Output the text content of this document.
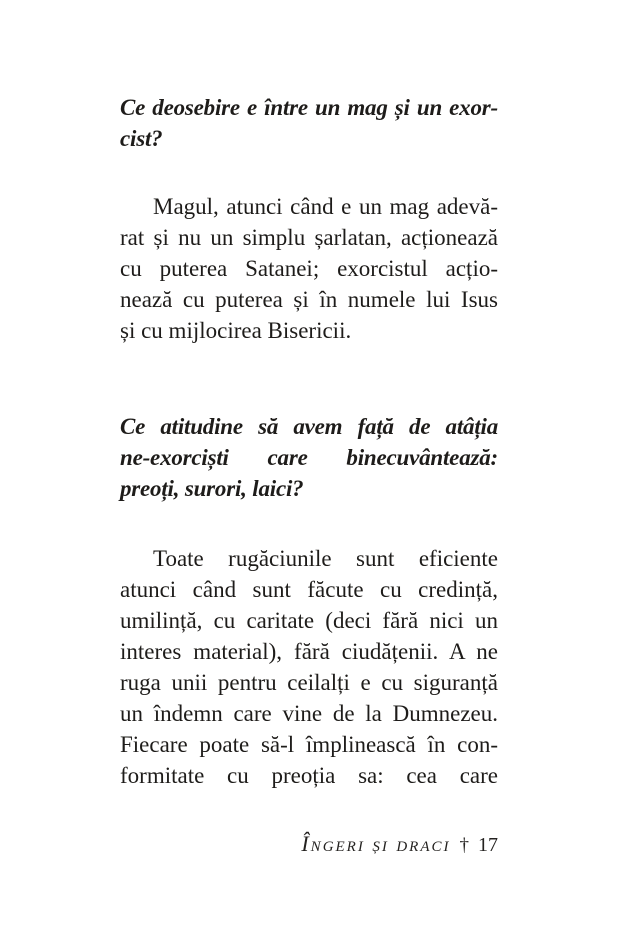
Ce deosebire e între un mag și un exor-
cist?
Magul, atunci când e un mag adevă-
rat și nu un simplu șarlatan, acționează
cu puterea Satanei; exorcistul acțio-
nează cu puterea și în numele lui Isus
și cu mijlocirea Bisericii.
Ce atitudine să avem față de atâția
ne-exorciști care binecuvântează:
preoți, surori, laici?
Toate rugăciunile sunt eficiente
atunci când sunt făcute cu credință,
umilință, cu caritate (deci fără nici un
interes material), fără ciudățenii. A ne
ruga unii pentru ceilalți e cu siguranță
un îndemn care vine de la Dumnezeu.
Fiecare poate să-l împlinească în con-
formitate cu preoția sa: cea care
Îngeri și draci † 17
